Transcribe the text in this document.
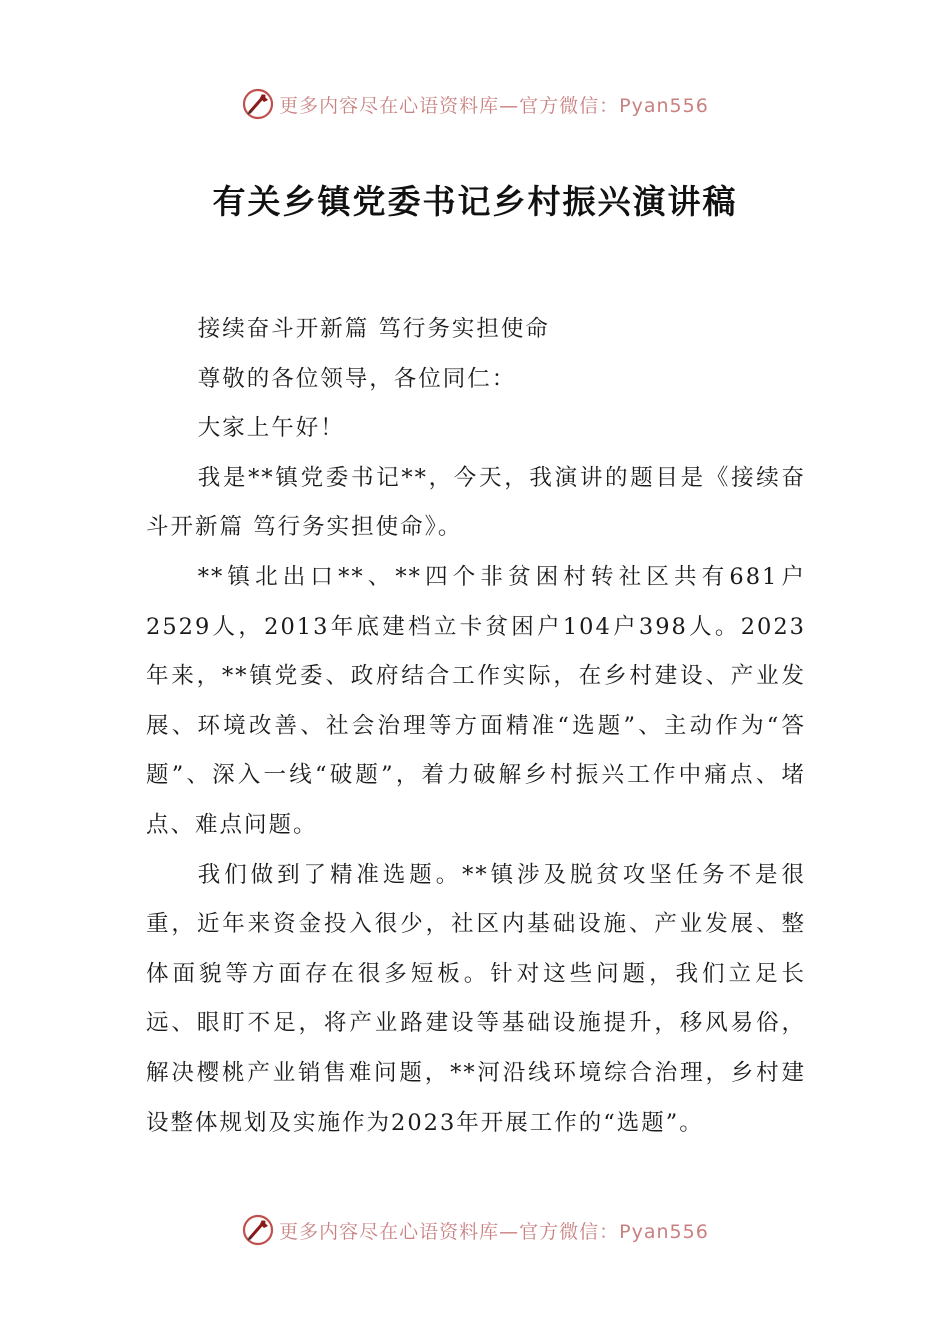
更多内容尽在心语资料库—官方微信：Pyan556
有关乡镇党委书记乡村振兴演讲稿

接续奋斗开新篇 笃行务实担使命

尊敬的各位领导，各位同仁：

大家上午好！

我是**镇党委书记**，今天，我演讲的题目是《接续奋斗开新篇 笃行务实担使命》。

**镇北出口**、**四个非贫困村转社区共有681户2529人，2013年底建档立卡贫困户104户398人。2023年来，**镇党委、政府结合工作实际，在乡村建设、产业发展、环境改善、社会治理等方面精准“选题”、主动作为“答题”、深入一线“破题”，着力破解乡村振兴工作中痛点、堵点、难点问题。

我们做到了精准选题。**镇涉及脱贫攻坚任务不是很重，近年来资金投入很少，社区内基础设施、产业发展、整体面貌等方面存在很多短板。针对这些问题，我们立足长远、眼盯不足，将产业路建设等基础设施提升，移风易俗，解决樱桃产业销售难问题，**河沿线环境综合治理，乡村建设整体规划及实施作为2023年开展工作的“选题”。

更多内容尽在心语资料库—官方微信：Pyan556
